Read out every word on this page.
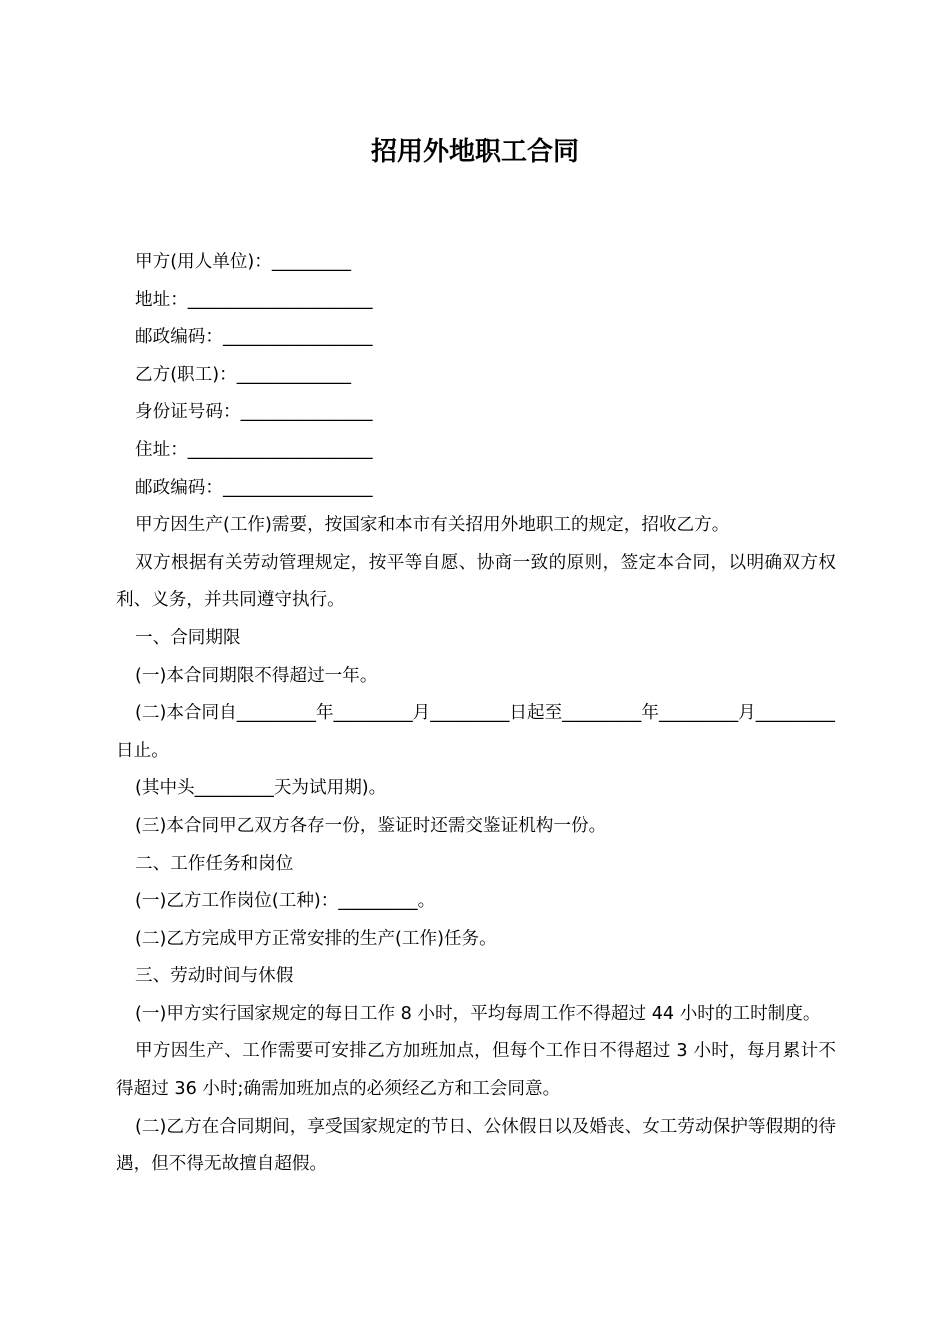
招用外地职工合同

甲方(用人单位)：_________

地址：_____________________

邮政编码：_________________

乙方(职工)：_____________

身份证号码：_______________

住址：_____________________

邮政编码：_________________

甲方因生产(工作)需要，按国家和本市有关招用外地职工的规定，招收乙方。

双方根据有关劳动管理规定，按平等自愿、协商一致的原则，签定本合同，以明确双方权利、义务，并共同遵守执行。

一、合同期限

(一)本合同期限不得超过一年。

(二)本合同自_________年_________月_________日起至_________年_________月_________日止。

(其中头_________天为试用期)。

(三)本合同甲乙双方各存一份，鉴证时还需交鉴证机构一份。

二、工作任务和岗位

(一)乙方工作岗位(工种)：_________。

(二)乙方完成甲方正常安排的生产(工作)任务。

三、劳动时间与休假

(一)甲方实行国家规定的每日工作 8 小时，平均每周工作不得超过 44 小时的工时制度。

甲方因生产、工作需要可安排乙方加班加点，但每个工作日不得超过 3 小时，每月累计不得超过 36 小时;确需加班加点的必须经乙方和工会同意。

(二)乙方在合同期间，享受国家规定的节日、公休假日以及婚丧、女工劳动保护等假期的待遇，但不得无故擅自超假。
